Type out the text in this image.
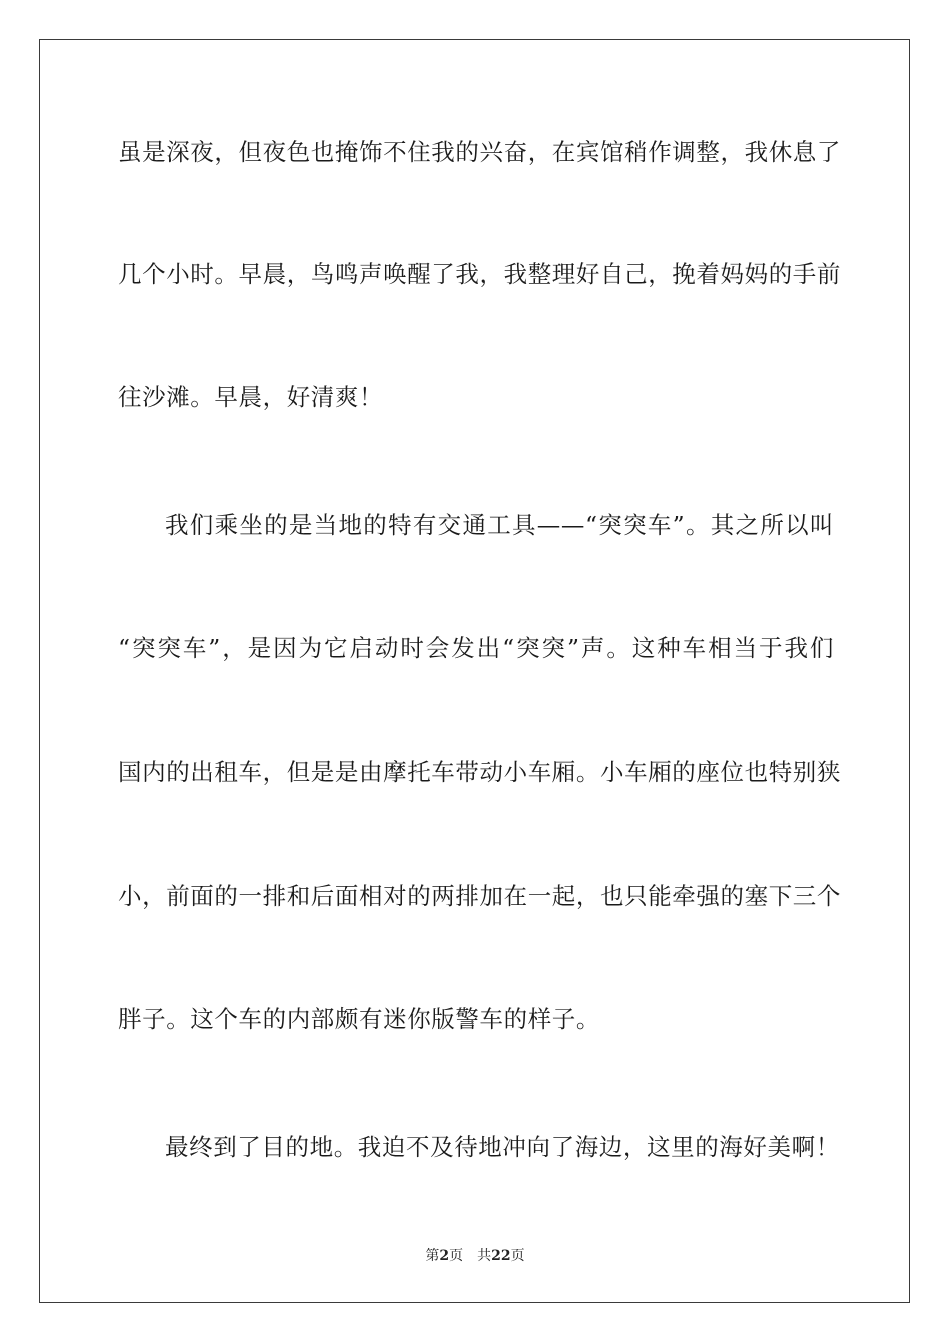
虽是深夜，但夜色也掩饰不住我的兴奋，在宾馆稍作调整，我休息了
几个小时。早晨，鸟鸣声唤醒了我，我整理好自己，挽着妈妈的手前
往沙滩。早晨，好清爽！
我们乘坐的是当地的特有交通工具——“突突车”。其之所以叫
“突突车”，是因为它启动时会发出“突突”声。这种车相当于我们
国内的出租车，但是是由摩托车带动小车厢。小车厢的座位也特别狭
小，前面的一排和后面相对的两排加在一起，也只能牵强的塞下三个
胖子。这个车的内部颇有迷你版警车的样子。
最终到了目的地。我迫不及待地冲向了海边，这里的海好美啊！
第2页 共22页
